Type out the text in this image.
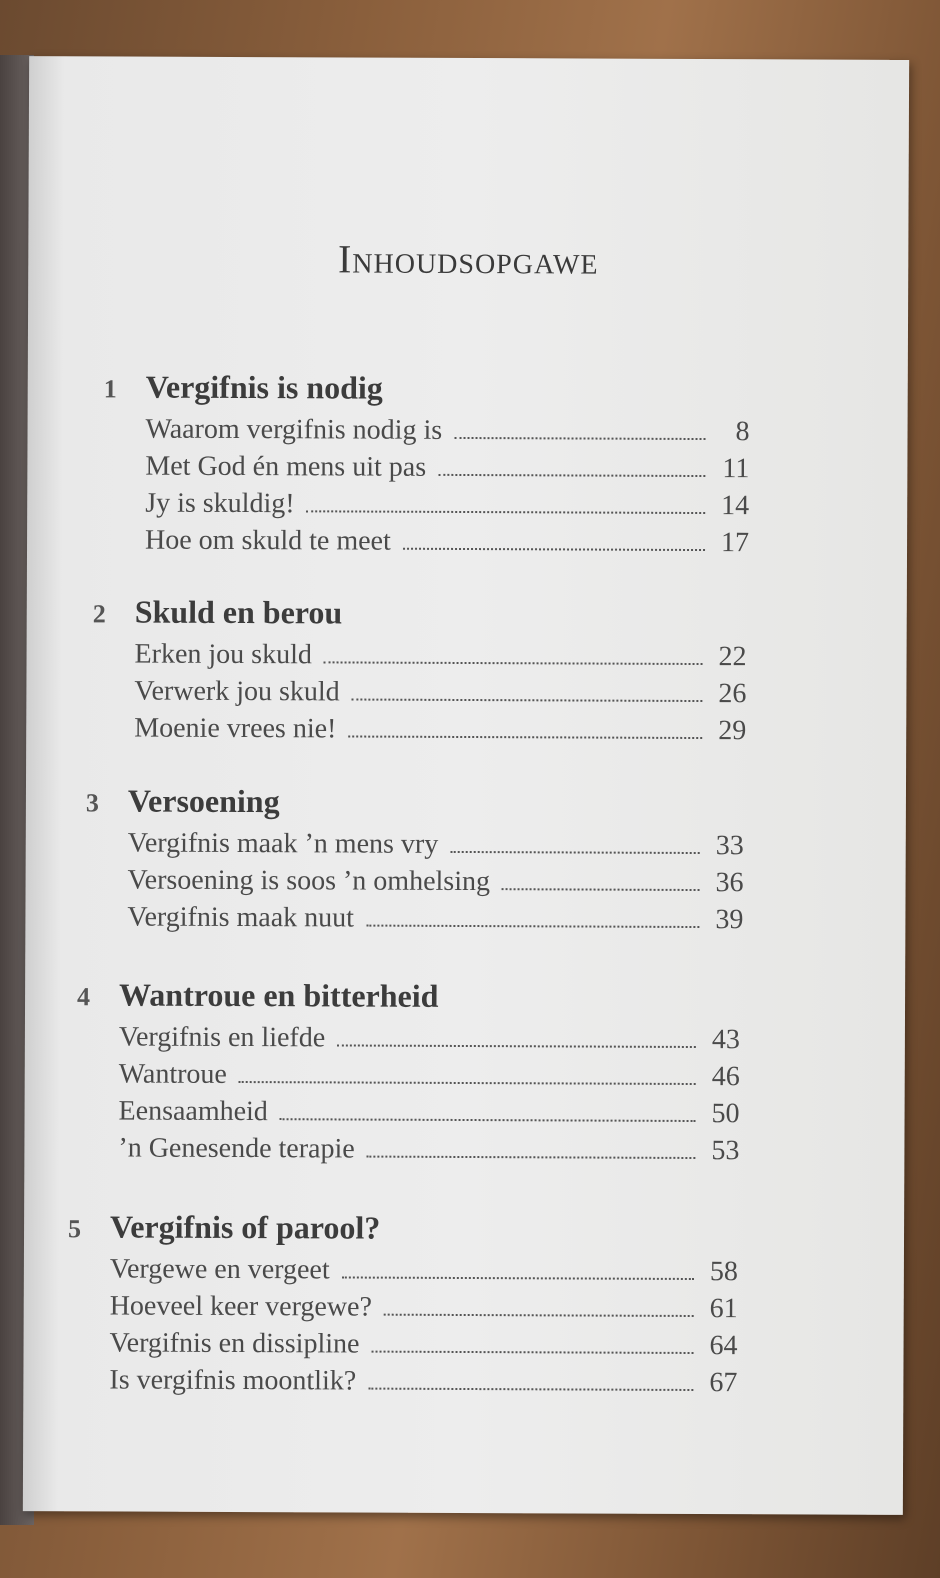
Inhoudsopgawe
1 Vergifnis is nodig
Waarom vergifnis nodig is	8
Met God én mens uit pas	11
Jy is skuldig!	14
Hoe om skuld te meet	17
2 Skuld en berou
Erken jou skuld	22
Verwerk jou skuld	26
Moenie vrees nie!	29
3 Versoening
Vergifnis maak ’n mens vry	33
Versoening is soos ’n omhelsing	36
Vergifnis maak nuut	39
4 Wantroue en bitterheid
Vergifnis en liefde	43
Wantroue	46
Eensaamheid	50
’n Genesende terapie	53
5 Vergifnis of parool?
Vergewe en vergeet	58
Hoeveel keer vergewe?	61
Vergifnis en dissipline	64
Is vergifnis moontlik?	67
